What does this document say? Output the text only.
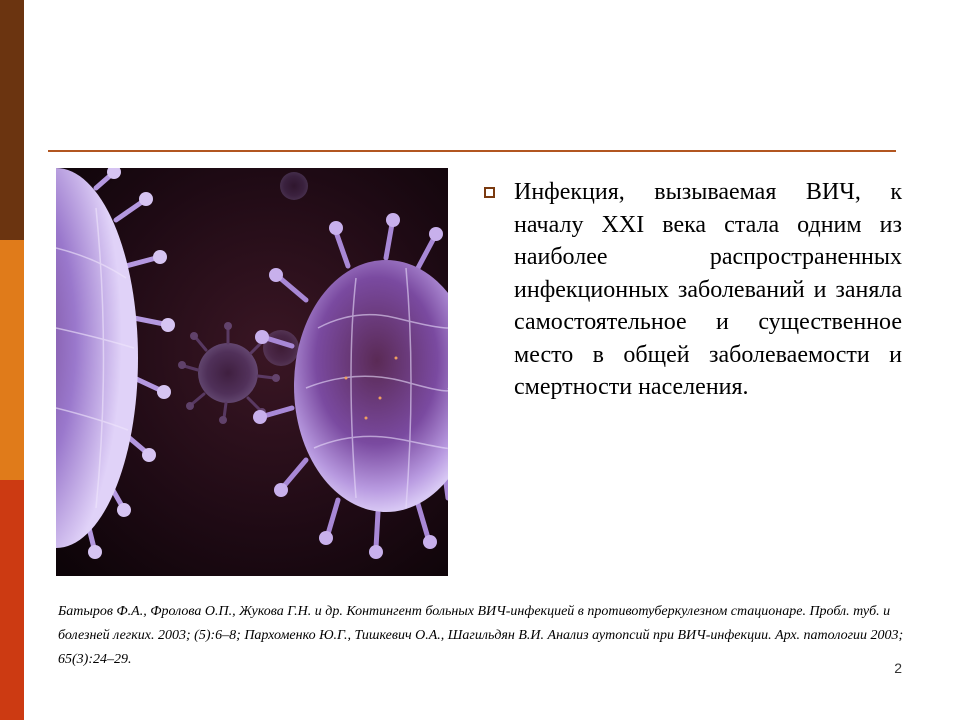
Инфекция, вызываемая ВИЧ, к началу XXI века стала одним из наиболее распространенных инфекционных заболеваний и заняла самостоятельное и существенное место в общей заболеваемости и смертности населения.

Батыров Ф.А., Фролова О.П., Жукова Г.Н. и др. Контингент больных ВИЧ-инфекцией в противотуберкулезном стационаре. Пробл. туб. и болезней легких. 2003; (5):6–8; Пархоменко Ю.Г., Тишкевич О.А., Шагильдян В.И. Анализ аутопсий при ВИЧ-инфекции. Арх. патологии 2003; 65(3):24–29.

2
